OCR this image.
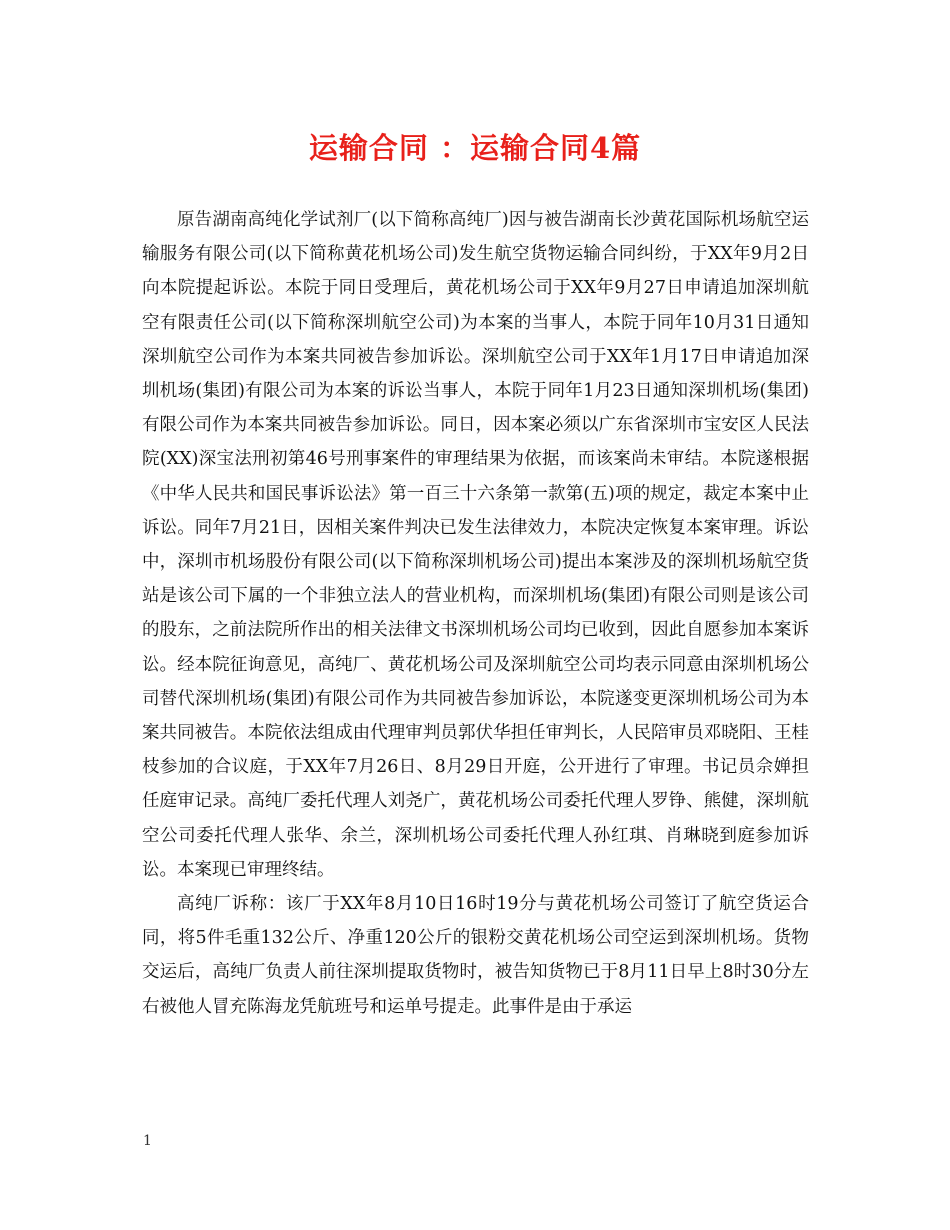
运输合同 ：运输合同4篇

原告湖南高纯化学试剂厂(以下简称高纯厂)因与被告湖南长沙黄花国际机场航空运输服务有限公司(以下简称黄花机场公司)发生航空货物运输合同纠纷，于XX年9月2日向本院提起诉讼。本院于同日受理后，黄花机场公司于XX年9月27日申请追加深圳航空有限责任公司(以下简称深圳航空公司)为本案的当事人，本院于同年10月31日通知深圳航空公司作为本案共同被告参加诉讼。深圳航空公司于XX年1月17日申请追加深圳机场(集团)有限公司为本案的诉讼当事人，本院于同年1月23日通知深圳机场(集团)有限公司作为本案共同被告参加诉讼。同日，因本案必须以广东省深圳市宝安区人民法院(XX)深宝法刑初第46号刑事案件的审理结果为依据，而该案尚未审结。本院遂根据《中华人民共和国民事诉讼法》第一百三十六条第一款第(五)项的规定，裁定本案中止诉讼。同年7月21日，因相关案件判决已发生法律效力，本院决定恢复本案审理。诉讼中，深圳市机场股份有限公司(以下简称深圳机场公司)提出本案涉及的深圳机场航空货站是该公司下属的一个非独立法人的营业机构，而深圳机场(集团)有限公司则是该公司的股东，之前法院所作出的相关法律文书深圳机场公司均已收到，因此自愿参加本案诉讼。经本院征询意见，高纯厂、黄花机场公司及深圳航空公司均表示同意由深圳机场公司替代深圳机场(集团)有限公司作为共同被告参加诉讼，本院遂变更深圳机场公司为本案共同被告。本院依法组成由代理审判员郭伏华担任审判长，人民陪审员邓晓阳、王桂枝参加的合议庭，于XX年7月26日、8月29日开庭，公开进行了审理。书记员佘婵担任庭审记录。高纯厂委托代理人刘尧广，黄花机场公司委托代理人罗铮、熊健，深圳航空公司委托代理人张华、余兰，深圳机场公司委托代理人孙红琪、肖琳晓到庭参加诉讼。本案现已审理终结。

高纯厂诉称：该厂于XX年8月10日16时19分与黄花机场公司签订了航空货运合同，将5件毛重132公斤、净重120公斤的银粉交黄花机场公司空运到深圳机场。货物交运后，高纯厂负责人前往深圳提取货物时，被告知货物已于8月11日早上8时30分左右被他人冒充陈海龙凭航班号和运单号提走。此事件是由于承运

1
